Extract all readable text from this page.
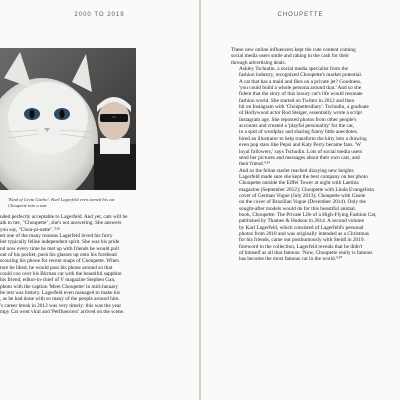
2000 TO 2019
'Kind of Greta Garbo': Karl Lagerfeld even turned his cat Choupette into a star.

nded perfectly acceptable to Lagerfeld. And yet, cats will be
alk to her, "Choupette", she's not answering. She answers
you say, "Chou-pi-nette".'¹²⁸
ett one of the many reasons Lagerfeld loved his furry
her typically feline independent spirit. She was his pride
nd now every time he met up with friends he would pull
out of his pocket, push his glasses up onto his forehead
scouring his phone for recent snaps of Choupette. When
ture he liked, he would pass his phone around so that
could coo over his Birman cat with the beautiful sapphire
his friend, editor-in-chief of V magazine Stephen Gan,
photo with the caption 'Meet Choupette' in mid-January
he rest was history. Lagerfeld even managed to make his
, as he had done with so many of the people around him.
's career break in 2012 was very timely: this was the year
mpy Cat went viral and 'Petfluencers' arrived on the scene.

CHOUPETTE

These new online influencers kept the cute content coming
social media users smile and raking in the cash for their
through advertising deals.

Ashley Tschudin, a social media specialist from the
fashion industry, recognized Choupette's market potential.
A cat that has a maid and flies on a private jet? Goodness,
'you could build a whole persona around that.' And so she
fident that the story of this luxury cat's life would resonate
fashion world. She started on Twitter in 2012 and then
hit on Instagram with 'Choupettesdiary'. Tschudin, a graduate
of Hollywood actor Rod Steiger, essentially wrote a script
Instagram age. She reposted photos from other people's
accounts and created a 'playful personality' for the cat,
in a spot of wordplay and sharing funny little anecdotes.
hired an illustrator to help transform the kitty into a drawing
even pop stars like Pepsi and Katy Perry became fans. 'W
loyal followers,' says Tschudin. Lots of social media users
send her pictures and messages about their own cats, and
their friend.'¹²⁹

And so the feline starlet reached dizzying new heights
Lagerfeld made sure she kept the best company on her photo
Choupette outside the Eiffel Tower at night with Laetitia
magazine (September 2012); Choupette with Linda Evangelista
cover of German Vogue (July 2013); Choupette with Gisele
on the cover of Brazilian Vogue (December 2014). Only the
sought-after models would do for this beautiful animal.
book, Choupette: The Private Life of a High-Flying Fashion Cat,
published by Thames & Hudson in 2014. A second volume
by Karl Lagerfeld, which consisted of Lagerfeld's personal
photos from 2018 and was originally intended as a Christmas
for his friends, came out posthumously with Steidl in 2019.
foreword to the collection, Lagerfeld reveals that he didn't
of himself as all that famous: 'Now, Choupette really is famous
has become the most famous cat in the world.'¹³⁰
